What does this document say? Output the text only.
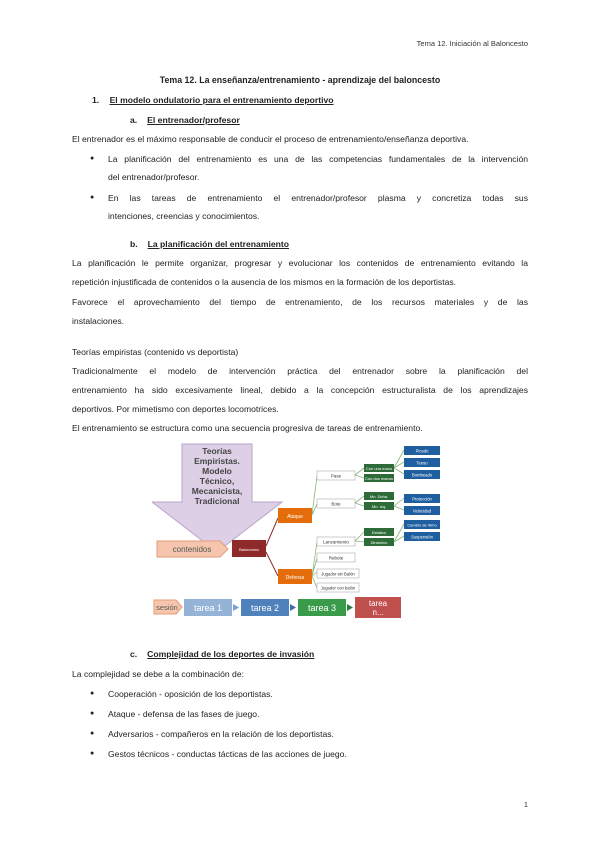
Tema 12. Iniciación al Baloncesto
Tema 12. La enseñanza/entrenamiento - aprendizaje del baloncesto
1. El modelo ondulatorio para el entrenamiento deportivo
a. El entrenador/profesor
El entrenador es el máximo responsable de conducir el proceso de entrenamiento/enseñanza deportiva.
● La planificación del entrenamiento es una de las competencias fundamentales de la intervención
del entrenador/profesor.
● En las tareas de entrenamiento el entrenador/profesor plasma y concretiza todas sus
intenciones, creencias y conocimientos.
b. La planificación del entrenamiento
La planificación le permite organizar, progresar y evolucionar los contenidos de entrenamiento evitando la
repetición injustificada de contenidos o la ausencia de los mismos en la formación de los deportistas.
Favorece el aprovechamiento del tiempo de entrenamiento, de los recursos materiales y de las
instalaciones.
Teorías empiristas (contenido vs deportista)
Tradicionalmente el modelo de intervención práctica del entrenador sobre la planificación del
entrenamiento ha sido excesivamente lineal, debido a la concepción estructuralista de los aprendizajes
deportivos. Por mimetismo con deportes locomotrices.
El entrenamiento se estructura como una secuencia progresiva de tareas de entrenamiento.
Teorías
Empiristas.
Modelo
Técnico,
Mecanicista,
Tradicional
contenidos	Baloncesto
Ataque
Defensa
Pase
Bote
Lanzamiento
Rebote
Jugador sin Balón
Jugador con balón
Con una mano
Con dos manos
Mn. Dcha.
Mn. Izq.
Estático
Dinámico
Picado
Tenso
Bombeado
Protección
Velocidad
Cambio de ritmo
Suspensión
sesión tarea 1	tarea 2	tarea 3	tarea
n...
c. Complejidad de los deportes de invasión
La complejidad se debe a la combinación de:
● Cooperación - oposición de los deportistas.
● Ataque - defensa de las fases de juego.
● Adversarios - compañeros en la relación de los deportistas.
● Gestos técnicos - conductas tácticas de las acciones de juego.
1
